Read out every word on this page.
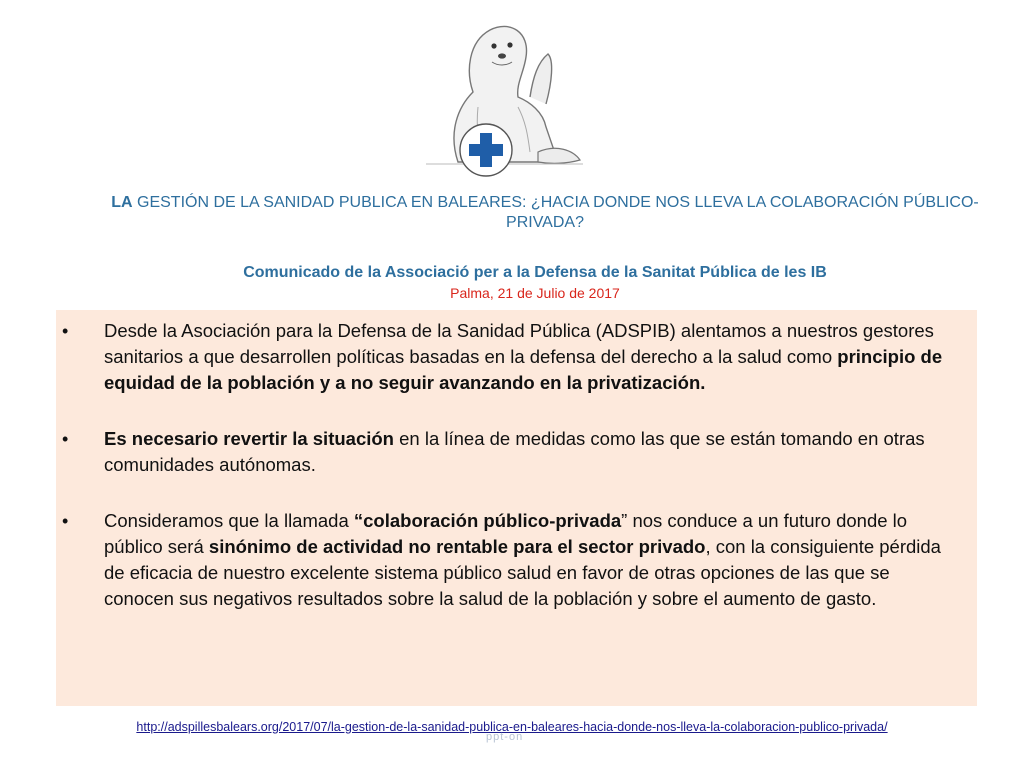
LA GESTIÓN DE LA SANIDAD PUBLICA EN BALEARES: ¿HACIA DONDE NOS LLEVA LA COLABORACIÓN PÚBLICO-PRIVADA?
Comunicado de la Associació per a la Defensa de la Sanitat Pública de les IB
Palma, 21 de Julio de 2017
• Desde la Asociación para la Defensa de la Sanidad Pública (ADSPIB) alentamos a nuestros gestores sanitarios a que desarrollen políticas basadas en la defensa del derecho a la salud como principio de equidad de la población y a no seguir avanzando en la privatización.
• Es necesario revertir la situación en la línea de medidas como las que se están tomando en otras comunidades autónomas.
• Consideramos que la llamada “colaboración público-privada” nos conduce a un futuro donde lo público será sinónimo de actividad no rentable para el sector privado, con la consiguiente pérdida de eficacia de nuestro excelente sistema público salud en favor de otras opciones de las que se conocen sus negativos resultados sobre la salud de la población y sobre el aumento de gasto.
http://adspillesbalears.org/2017/07/la-gestion-de-la-sanidad-publica-en-baleares-hacia-donde-nos-lleva-la-colaboracion-publico-privada/
ppt-on
